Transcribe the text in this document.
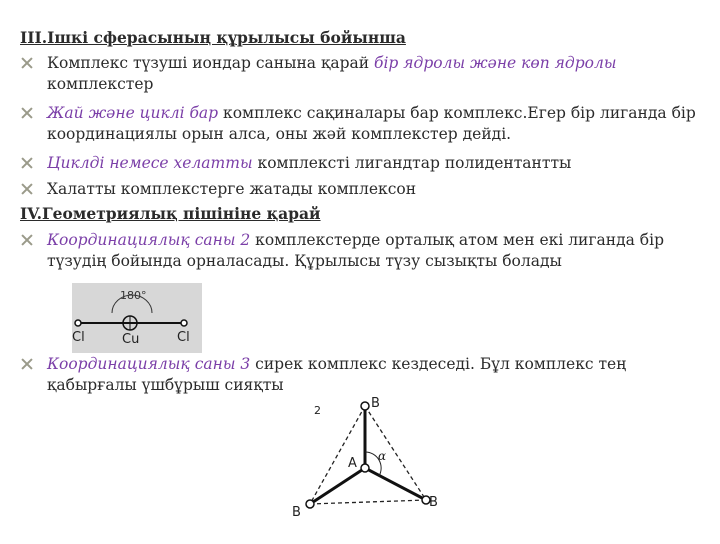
III.Ішкі сферасының құрылысы бойынша
Комплекс түзуші иондар санына қарай бір ядролы және көп ядролы
комплекстер
Жай және циклі бар комплекс сақиналары бар комплекс.Егер бір лиганда бір
координациялы орын алса, оны жәй комплекстер дейді.
Циклді немесе хелатты комплексті лигандтар полидентантты
Халатты комплекстерге жатады комплексон
IV.Геометриялық пішініне қарай
Координациялық саны 2 комплекстерде орталық атом мен екі лиганда бір
түзудің бойында орналасады. Құрылысы түзу сызықты болады
180°
Cl	Cu	Cl
Координациялық саны 3 сирек комплекс кездеседі. Бұл комплекс тең
қабырғалы үшбұрыш сияқты
B
A α
B
B
2
